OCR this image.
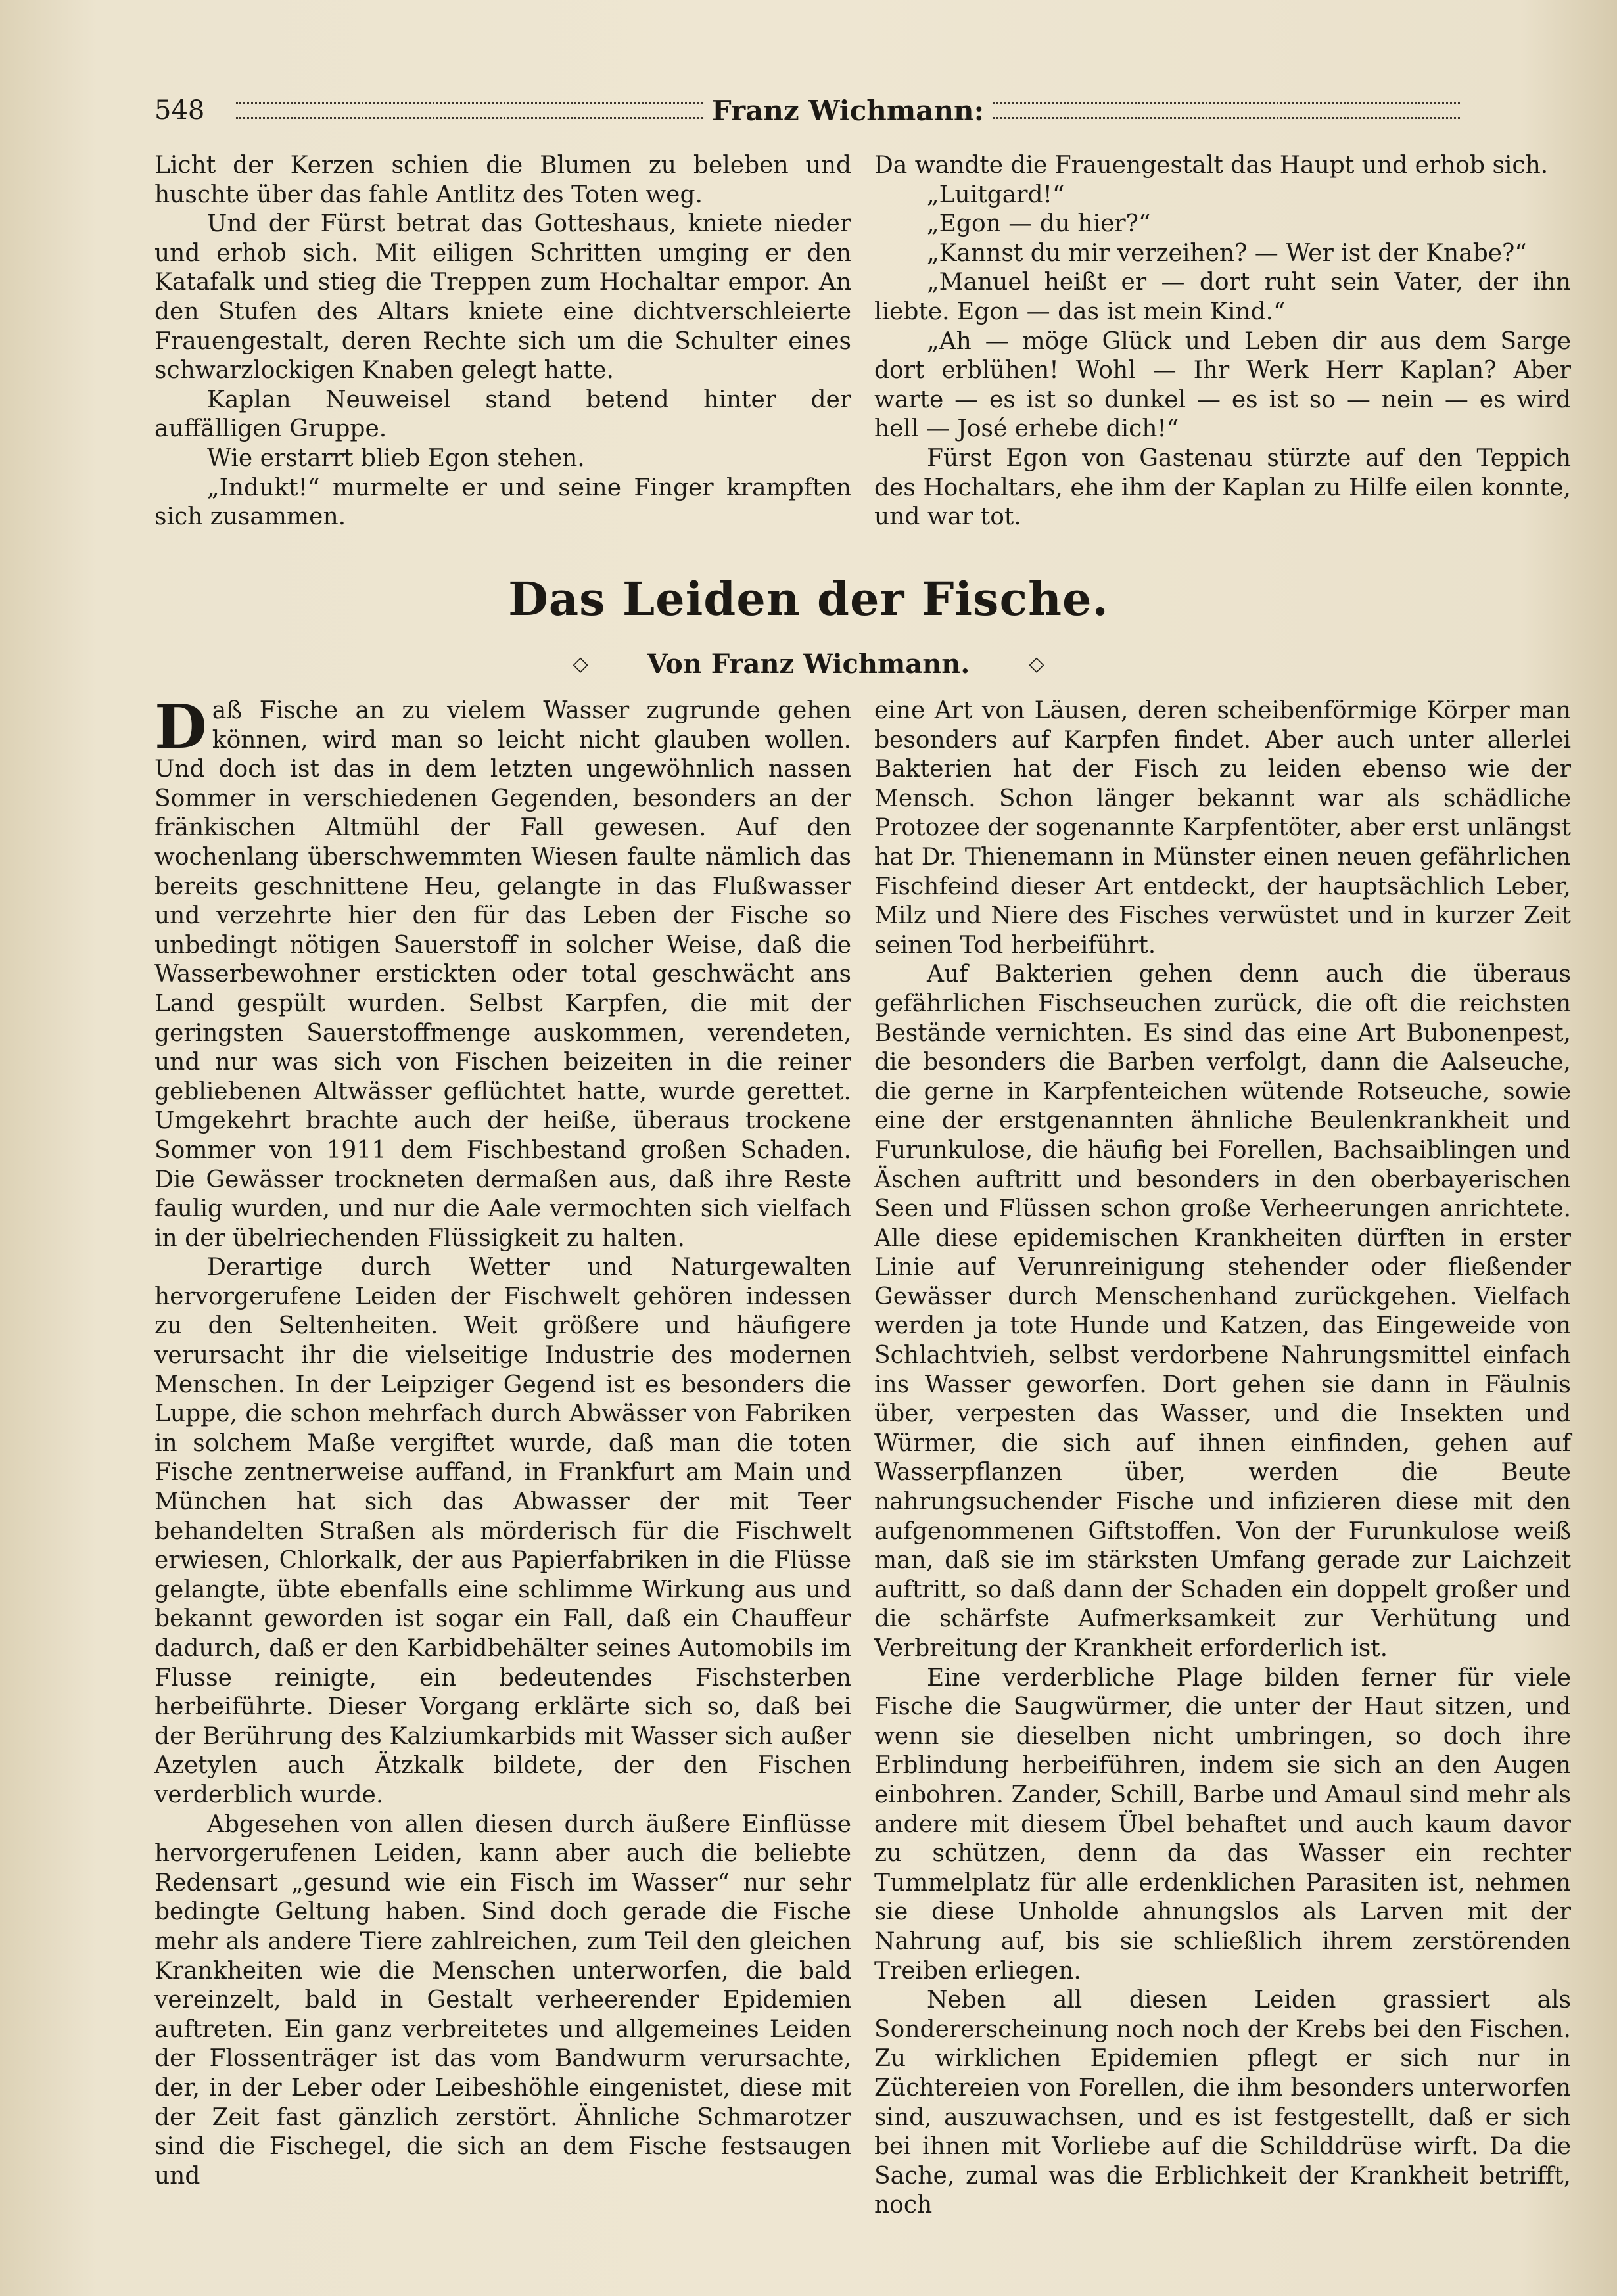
548	Franz Wichmann:

Licht der Kerzen schien die Blumen zu beleben und huschte über das fahle Antlitz des Toten weg.

Und der Fürst betrat das Gotteshaus, kniete nieder und erhob sich. Mit eiligen Schritten umging er den Katafalk und stieg die Treppen zum Hochaltar empor. An den Stufen des Altars kniete eine dichtverschleierte Frauengestalt, deren Rechte sich um die Schulter eines schwarzlockigen Knaben gelegt hatte.

Kaplan Neuweisel stand betend hinter der auffälligen Gruppe.

Wie erstarrt blieb Egon stehen.

„Indukt!“ murmelte er und seine Finger krampften sich zusammen.

Da wandte die Frauengestalt das Haupt und erhob sich.

„Luitgard!“

„Egon — du hier?“

„Kannst du mir verzeihen? — Wer ist der Knabe?“

„Manuel heißt er — dort ruht sein Vater, der ihn liebte. Egon — das ist mein Kind.“

„Ah — möge Glück und Leben dir aus dem Sarge dort erblühen! Wohl — Ihr Werk Herr Kaplan? Aber warte — es ist so dunkel — es ist so — nein — es wird hell — José erhebe dich!“

Fürst Egon von Gastenau stürzte auf den Teppich des Hochaltars, ehe ihm der Kaplan zu Hilfe eilen konnte, und war tot.

Das Leiden der Fische.
◇ Von Franz Wichmann.	◇

Daß Fische an zu vielem Wasser zugrunde gehen können, wird man so leicht nicht glauben wollen. Und doch ist das in dem letzten ungewöhnlich nassen Sommer in verschiedenen Gegenden, besonders an der fränkischen Altmühl der Fall gewesen. Auf den wochenlang überschwemmten Wiesen faulte nämlich das bereits geschnittene Heu, gelangte in das Flußwasser und verzehrte hier den für das Leben der Fische so unbedingt nötigen Sauerstoff in solcher Weise, daß die Wasserbewohner erstickten oder total geschwächt ans Land gespült wurden. Selbst Karpfen, die mit der geringsten Sauerstoffmenge auskommen, verendeten, und nur was sich von Fischen beizeiten in die reiner gebliebenen Altwässer geflüchtet hatte, wurde gerettet. Umgekehrt brachte auch der heiße, überaus trockene Sommer von 1911 dem Fischbestand großen Schaden. Die Gewässer trockneten dermaßen aus, daß ihre Reste faulig wurden, und nur die Aale vermochten sich vielfach in der übelriechenden Flüssigkeit zu halten.

Derartige durch Wetter und Naturgewalten hervorgerufene Leiden der Fischwelt gehören indessen zu den Seltenheiten. Weit größere und häufigere verursacht ihr die vielseitige Industrie des modernen Menschen. In der Leipziger Gegend ist es besonders die Luppe, die schon mehrfach durch Abwässer von Fabriken in solchem Maße vergiftet wurde, daß man die toten Fische zentnerweise auffand, in Frankfurt am Main und München hat sich das Abwasser der mit Teer behandelten Straßen als mörderisch für die Fischwelt erwiesen, Chlorkalk, der aus Papierfabriken in die Flüsse gelangte, übte ebenfalls eine schlimme Wirkung aus und bekannt geworden ist sogar ein Fall, daß ein Chauffeur dadurch, daß er den Karbidbehälter seines Automobils im Flusse reinigte, ein bedeutendes Fischsterben herbeiführte. Dieser Vorgang erklärte sich so, daß bei der Berührung des Kalziumkarbids mit Wasser sich außer Azetylen auch Ätzkalk bildete, der den Fischen verderblich wurde.

Abgesehen von allen diesen durch äußere Einflüsse hervorgerufenen Leiden, kann aber auch die beliebte Redensart „gesund wie ein Fisch im Wasser“ nur sehr bedingte Geltung haben. Sind doch gerade die Fische mehr als andere Tiere zahlreichen, zum Teil den gleichen Krankheiten wie die Menschen unterworfen, die bald vereinzelt, bald in Gestalt verheerender Epidemien auftreten. Ein ganz verbreitetes und allgemeines Leiden der Flossenträger ist das vom Bandwurm verursachte, der, in der Leber oder Leibeshöhle eingenistet, diese mit der Zeit fast gänzlich zerstört. Ähnliche Schmarotzer sind die Fischegel, die sich an dem Fische festsaugen und

eine Art von Läusen, deren scheibenförmige Körper man besonders auf Karpfen findet. Aber auch unter allerlei Bakterien hat der Fisch zu leiden ebenso wie der Mensch. Schon länger bekannt war als schädliche Protozee der sogenannte Karpfentöter, aber erst unlängst hat Dr. Thienemann in Münster einen neuen gefährlichen Fischfeind dieser Art entdeckt, der hauptsächlich Leber, Milz und Niere des Fisches verwüstet und in kurzer Zeit seinen Tod herbeiführt.

Auf Bakterien gehen denn auch die überaus gefährlichen Fischseuchen zurück, die oft die reichsten Bestände vernichten. Es sind das eine Art Bubonenpest, die besonders die Barben verfolgt, dann die Aalseuche, die gerne in Karpfenteichen wütende Rotseuche, sowie eine der erstgenannten ähnliche Beulenkrankheit und Furunkulose, die häufig bei Forellen, Bachsaiblingen und Äschen auftritt und besonders in den oberbayerischen Seen und Flüssen schon große Verheerungen anrichtete. Alle diese epidemischen Krankheiten dürften in erster Linie auf Verunreinigung stehender oder fließender Gewässer durch Menschenhand zurückgehen. Vielfach werden ja tote Hunde und Katzen, das Eingeweide von Schlachtvieh, selbst verdorbene Nahrungsmittel einfach ins Wasser geworfen. Dort gehen sie dann in Fäulnis über, verpesten das Wasser, und die Insekten und Würmer, die sich auf ihnen einfinden, gehen auf Wasserpflanzen über, werden die Beute nahrungsuchender Fische und infizieren diese mit den aufgenommenen Giftstoffen. Von der Furunkulose weiß man, daß sie im stärksten Umfang gerade zur Laichzeit auftritt, so daß dann der Schaden ein doppelt großer und die schärfste Aufmerksamkeit zur Verhütung und Verbreitung der Krankheit erforderlich ist.

Eine verderbliche Plage bilden ferner für viele Fische die Saugwürmer, die unter der Haut sitzen, und wenn sie dieselben nicht umbringen, so doch ihre Erblindung herbeiführen, indem sie sich an den Augen einbohren. Zander, Schill, Barbe und Amaul sind mehr als andere mit diesem Übel behaftet und auch kaum davor zu schützen, denn da das Wasser ein rechter Tummelplatz für alle erdenklichen Parasiten ist, nehmen sie diese Unholde ahnungslos als Larven mit der Nahrung auf, bis sie schließlich ihrem zerstörenden Treiben erliegen.

Neben all diesen Leiden grassiert als Sondererscheinung noch noch der Krebs bei den Fischen. Zu wirklichen Epidemien pflegt er sich nur in Züchtereien von Forellen, die ihm besonders unterworfen sind, auszuwachsen, und es ist festgestellt, daß er sich bei ihnen mit Vorliebe auf die Schilddrüse wirft. Da die Sache, zumal was die Erblichkeit der Krankheit betrifft, noch
